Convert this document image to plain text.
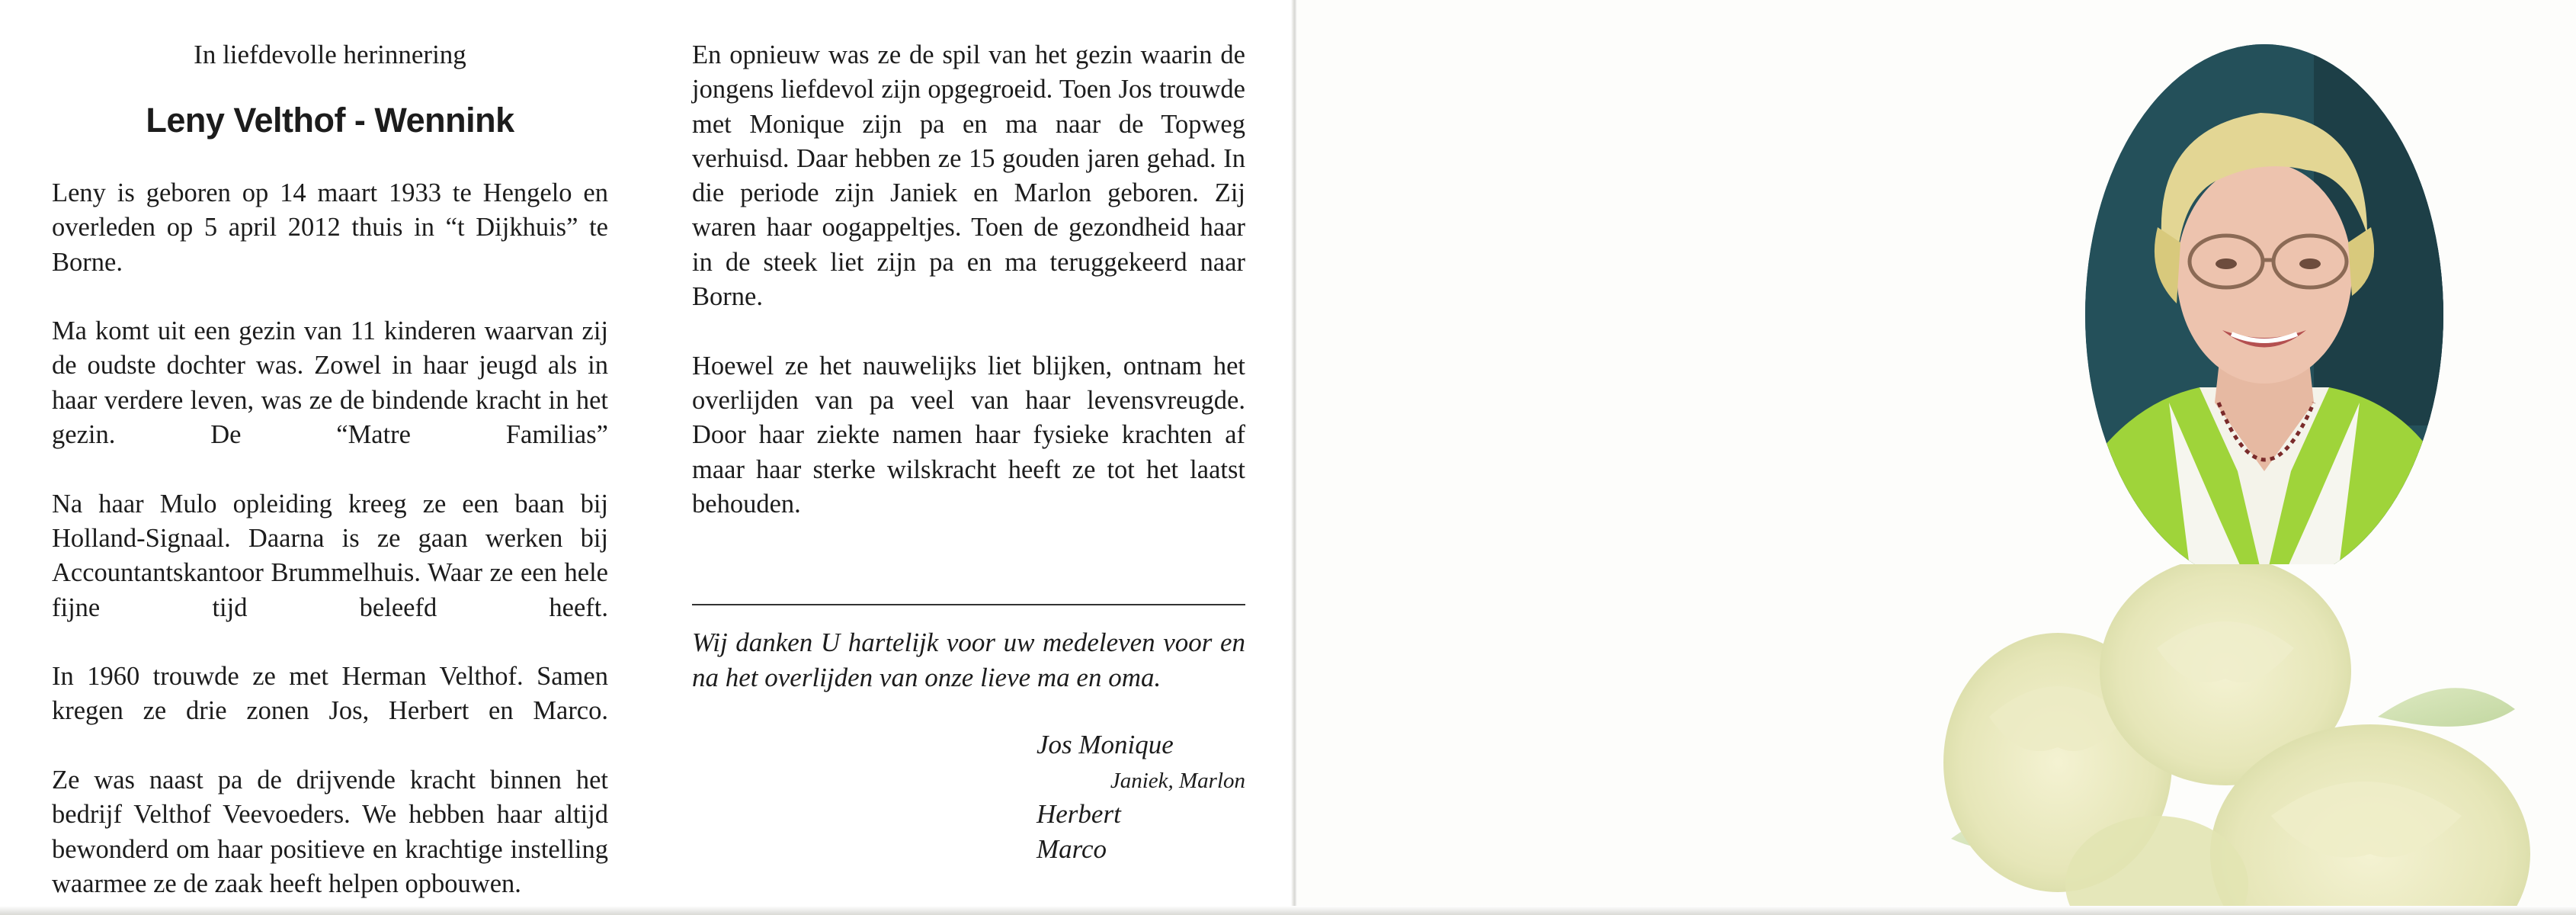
In liefdevolle herinnering
Leny Velthof - Wennink

Leny is geboren op 14 maart 1933 te Hengelo en overleden op 5 april 2012 thuis in “t Dijkhuis” te Borne.

Ma komt uit een gezin van 11 kinderen waarvan zij de oudste dochter was. Zowel in haar jeugd als in haar verdere leven, was ze de bindende kracht in het gezin. De “Matre Familias”

Na haar Mulo opleiding kreeg ze een baan bij Holland-Signaal. Daarna is ze gaan werken bij Accountantskantoor Brummelhuis. Waar ze een hele fijne tijd beleefd heeft.

In 1960 trouwde ze met Herman Velthof. Samen kregen ze drie zonen Jos, Herbert en Marco.

Ze was naast pa de drijvende kracht binnen het bedrijf Velthof Veevoeders. We hebben haar altijd bewonderd om haar positieve en krachtige instelling waarmee ze de zaak heeft helpen opbouwen.

En opnieuw was ze de spil van het gezin waarin de jongens liefdevol zijn opgegroeid. Toen Jos trouwde met Monique zijn pa en ma naar de Topweg verhuisd. Daar hebben ze 15 gouden jaren gehad. In die periode zijn Janiek en Marlon geboren. Zij waren haar oogappeltjes. Toen de gezondheid haar in de steek liet zijn pa en ma teruggekeerd naar Borne.

Hoewel ze het nauwelijks liet blijken, ontnam het overlijden van pa veel van haar levensvreugde. Door haar ziekte namen haar fysieke krachten af maar haar sterke wilskracht heeft ze tot het laatst behouden.

Wij danken U hartelijk voor uw medeleven voor en na het overlijden van onze lieve ma en oma.
Jos Monique
Janiek, Marlon
Herbert
Marco
